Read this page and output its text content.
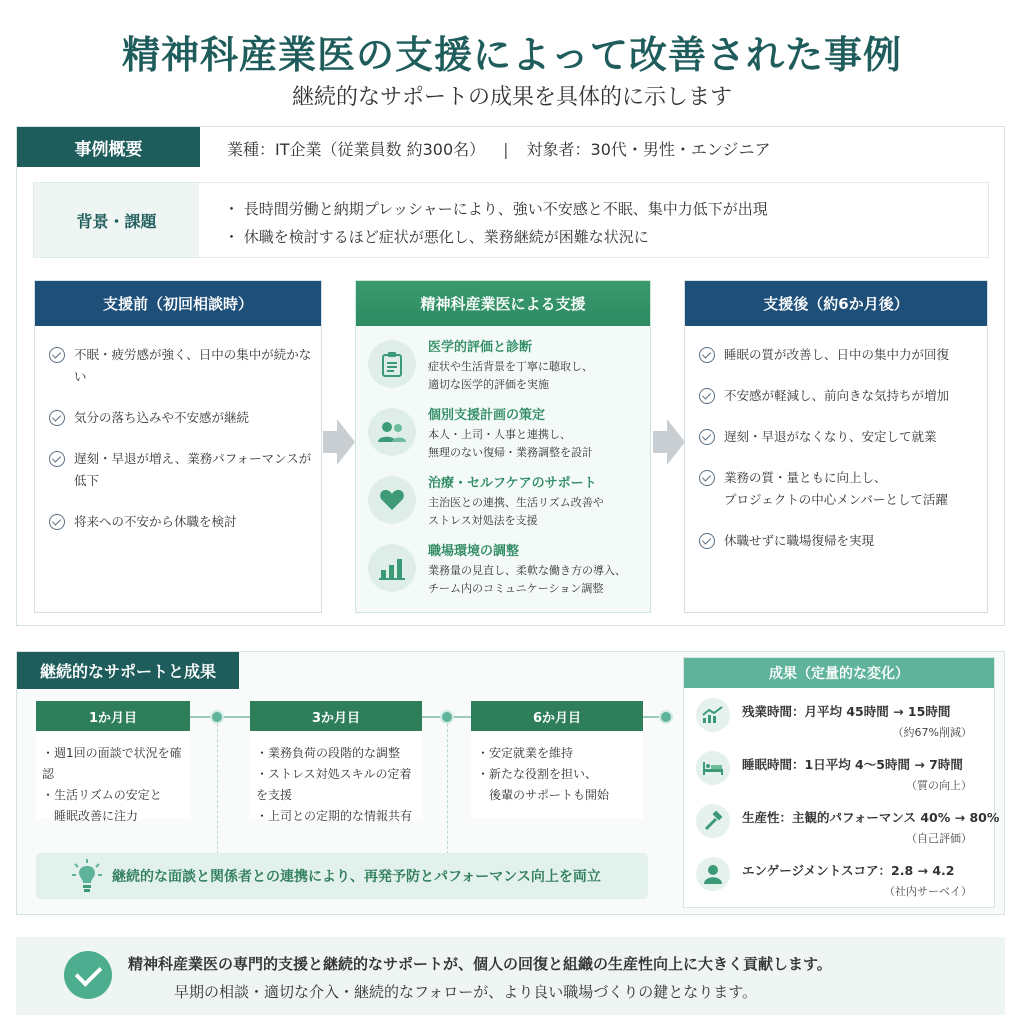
精神科産業医の支援によって改善された事例
継続的なサポートの成果を具体的に示します
事例概要	業種：IT企業（従業員数 約300名） | 対象者：30代・男性・エンジニア
背景・課題
・ 長時間労働と納期プレッシャーにより、強い不安感と不眠、集中力低下が出現
・ 休職を検討するほど症状が悪化し、業務継続が困難な状況に
支援前（初回相談時）
不眠・疲労感が強く、日中の集中が続かない
気分の落ち込みや不安感が継続
遅刻・早退が増え、業務パフォーマンスが低下
将来への不安から休職を検討
精神科産業医による支援
医学的評価と診断
症状や生活背景を丁寧に聴取し、
適切な医学的評価を実施
個別支援計画の策定
本人・上司・人事と連携し、
無理のない復帰・業務調整を設計
治療・セルフケアのサポート
主治医との連携、生活リズム改善や
ストレス対処法を支援
職場環境の調整
業務量の見直し、柔軟な働き方の導入、
チーム内のコミュニケーション調整
支援後（約6か月後）
睡眠の質が改善し、日中の集中力が回復
不安感が軽減し、前向きな気持ちが増加
遅刻・早退がなくなり、安定して就業
業務の質・量ともに向上し、
プロジェクトの中心メンバーとして活躍
休職せずに職場復帰を実現
継続的なサポートと成果
1か月目
・週1回の面談で状況を確認
・生活リズムの安定と
　睡眠改善に注力
3か月目
・業務負荷の段階的な調整
・ストレス対処スキルの定着を支援
・上司との定期的な情報共有
6か月目
・安定就業を維持
・新たな役割を担い、
　後輩のサポートも開始
継続的な面談と関係者との連携により、再発予防とパフォーマンス向上を両立
成果（定量的な変化）
残業時間：月平均 45時間 → 15時間
（約67%削減）
睡眠時間：1日平均 4〜5時間 → 7時間
（質の向上）
生産性：主観的パフォーマンス 40% → 80%
（自己評価）
エンゲージメントスコア：2.8 → 4.2
（社内サーベイ）
精神科産業医の専門的支援と継続的なサポートが、個人の回復と組織の生産性向上に大きく貢献します。
早期の相談・適切な介入・継続的なフォローが、より良い職場づくりの鍵となります。
